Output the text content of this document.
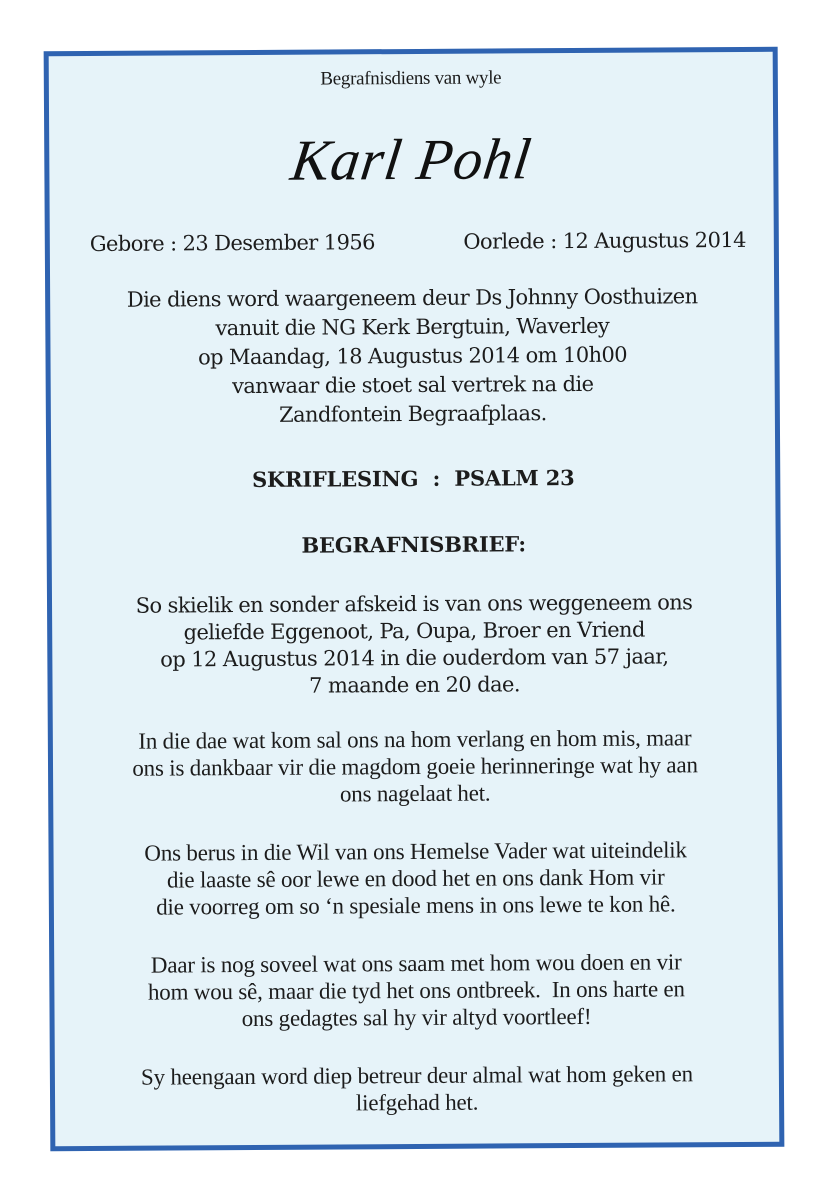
Begrafnisdiens van wyle
Karl Pohl
Gebore : 23 Desember 1956	Oorlede : 12 Augustus 2014
Die diens word waargeneem deur Ds Johnny Oosthuizen
vanuit die NG Kerk Bergtuin, Waverley
op Maandag, 18 Augustus 2014 om 10h00
vanwaar die stoet sal vertrek na die
Zandfontein Begraafplaas.
SKRIFLESING  :  PSALM 23
BEGRAFNISBRIEF:
So skielik en sonder afskeid is van ons weggeneem ons
geliefde Eggenoot, Pa, Oupa, Broer en Vriend
op 12 Augustus 2014 in die ouderdom van 57 jaar,
7 maande en 20 dae.
In die dae wat kom sal ons na hom verlang en hom mis, maar
ons is dankbaar vir die magdom goeie herinneringe wat hy aan
ons nagelaat het.
Ons berus in die Wil van ons Hemelse Vader wat uiteindelik
die laaste sê oor lewe en dood het en ons dank Hom vir
die voorreg om so ‘n spesiale mens in ons lewe te kon hê.
Daar is nog soveel wat ons saam met hom wou doen en vir
hom wou sê, maar die tyd het ons ontbreek.  In ons harte en
ons gedagtes sal hy vir altyd voortleef!
Sy heengaan word diep betreur deur almal wat hom geken en
liefgehad het.
